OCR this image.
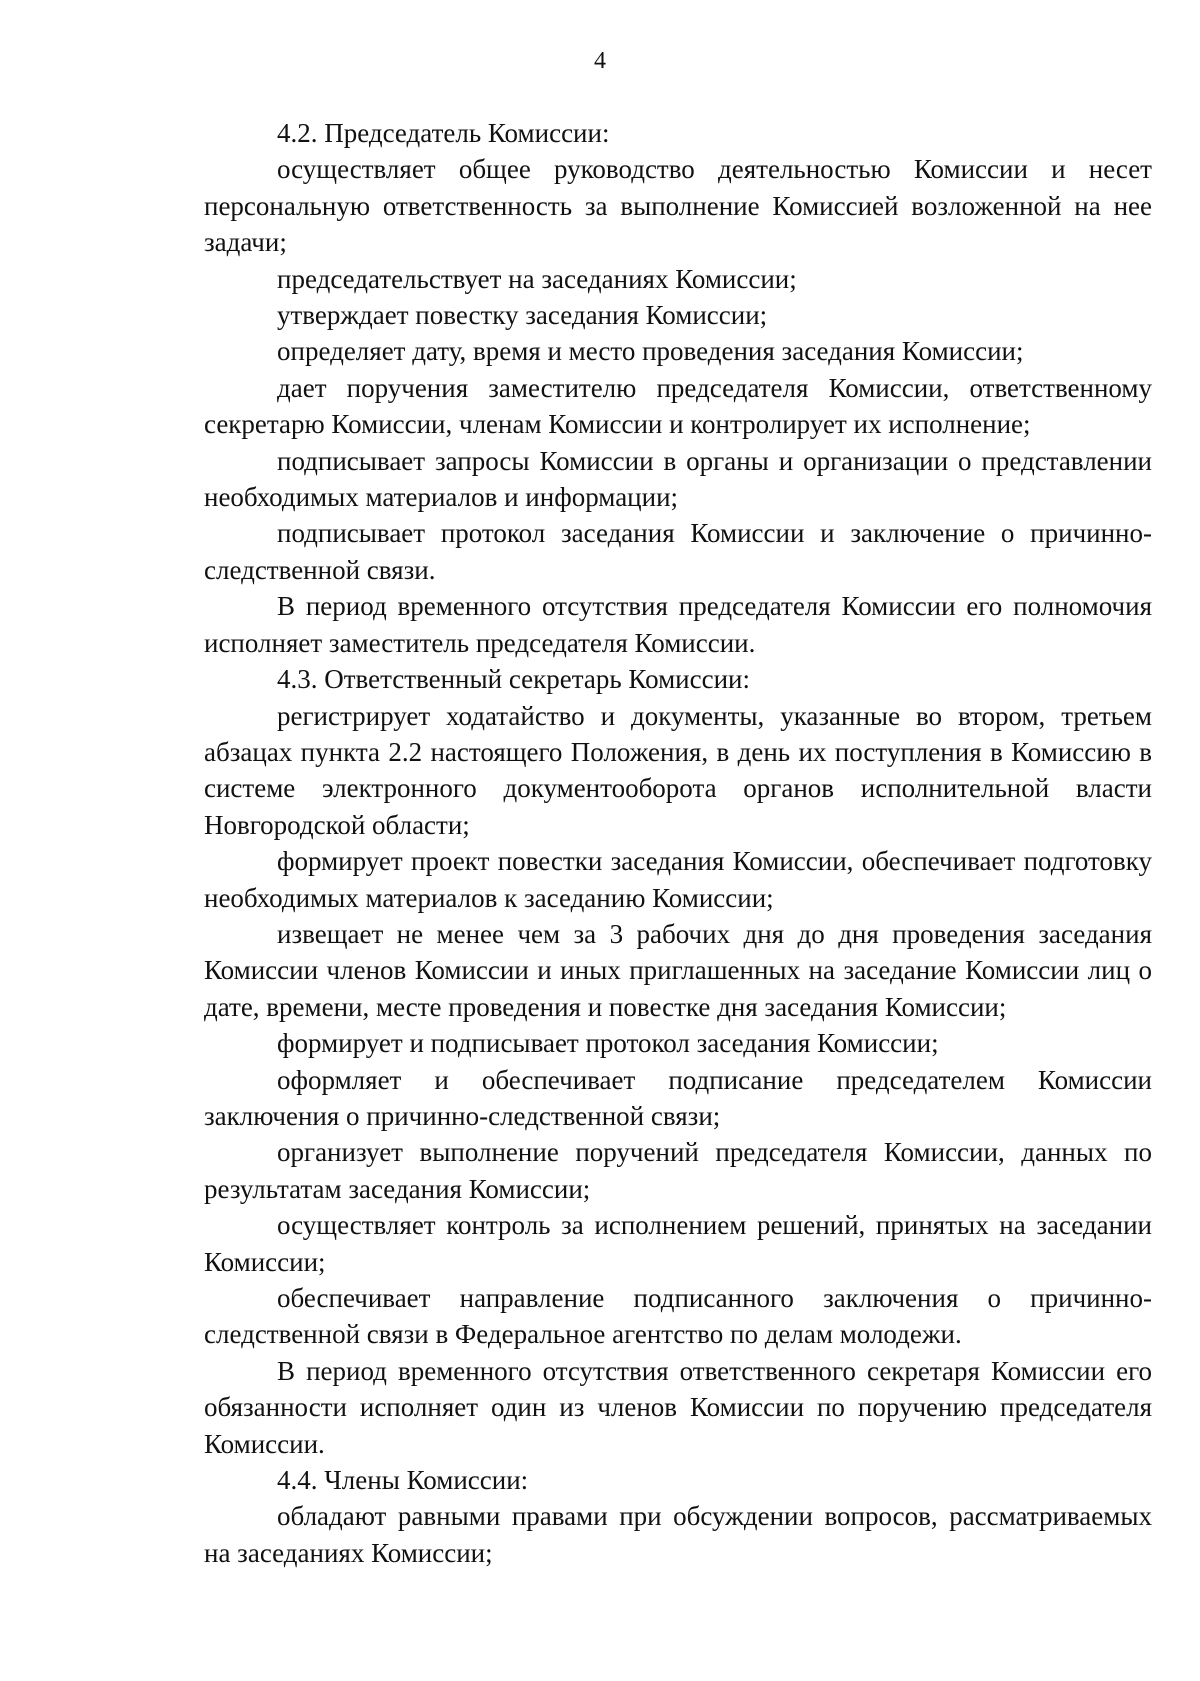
4

4.2. Председатель Комиссии:

осуществляет общее руководство деятельностью Комиссии и несет персональную ответственность за выполнение Комиссией возложенной на нее задачи;

председательствует на заседаниях Комиссии;

утверждает повестку заседания Комиссии;

определяет дату, время и место проведения заседания Комиссии;

дает поручения заместителю председателя Комиссии, ответственному секретарю Комиссии, членам Комиссии и контролирует их исполнение;

подписывает запросы Комиссии в органы и организации о представлении необходимых материалов и информации;

подписывает протокол заседания Комиссии и заключение о причинно-следственной связи.

В период временного отсутствия председателя Комиссии его полномочия исполняет заместитель председателя Комиссии.

4.3. Ответственный секретарь Комиссии:

регистрирует ходатайство и документы, указанные во втором, третьем абзацах пункта 2.2 настоящего Положения, в день их поступления в Комиссию в системе электронного документооборота органов исполнительной власти Новгородской области;

формирует проект повестки заседания Комиссии, обеспечивает подготовку необходимых материалов к заседанию Комиссии;

извещает не менее чем за 3 рабочих дня до дня проведения заседания Комиссии членов Комиссии и иных приглашенных на заседание Комиссии лиц о дате, времени, месте проведения и повестке дня заседания Комиссии;

формирует и подписывает протокол заседания Комиссии;

оформляет и обеспечивает подписание председателем Комиссии заключения о причинно-следственной связи;

организует выполнение поручений председателя Комиссии, данных по результатам заседания Комиссии;

осуществляет контроль за исполнением решений, принятых на заседании Комиссии;

обеспечивает направление подписанного заключения о причинно-следственной связи в Федеральное агентство по делам молодежи.

В период временного отсутствия ответственного секретаря Комиссии его обязанности исполняет один из членов Комиссии по поручению председателя Комиссии.

4.4. Члены Комиссии:

обладают равными правами при обсуждении вопросов, рассматриваемых на заседаниях Комиссии;
